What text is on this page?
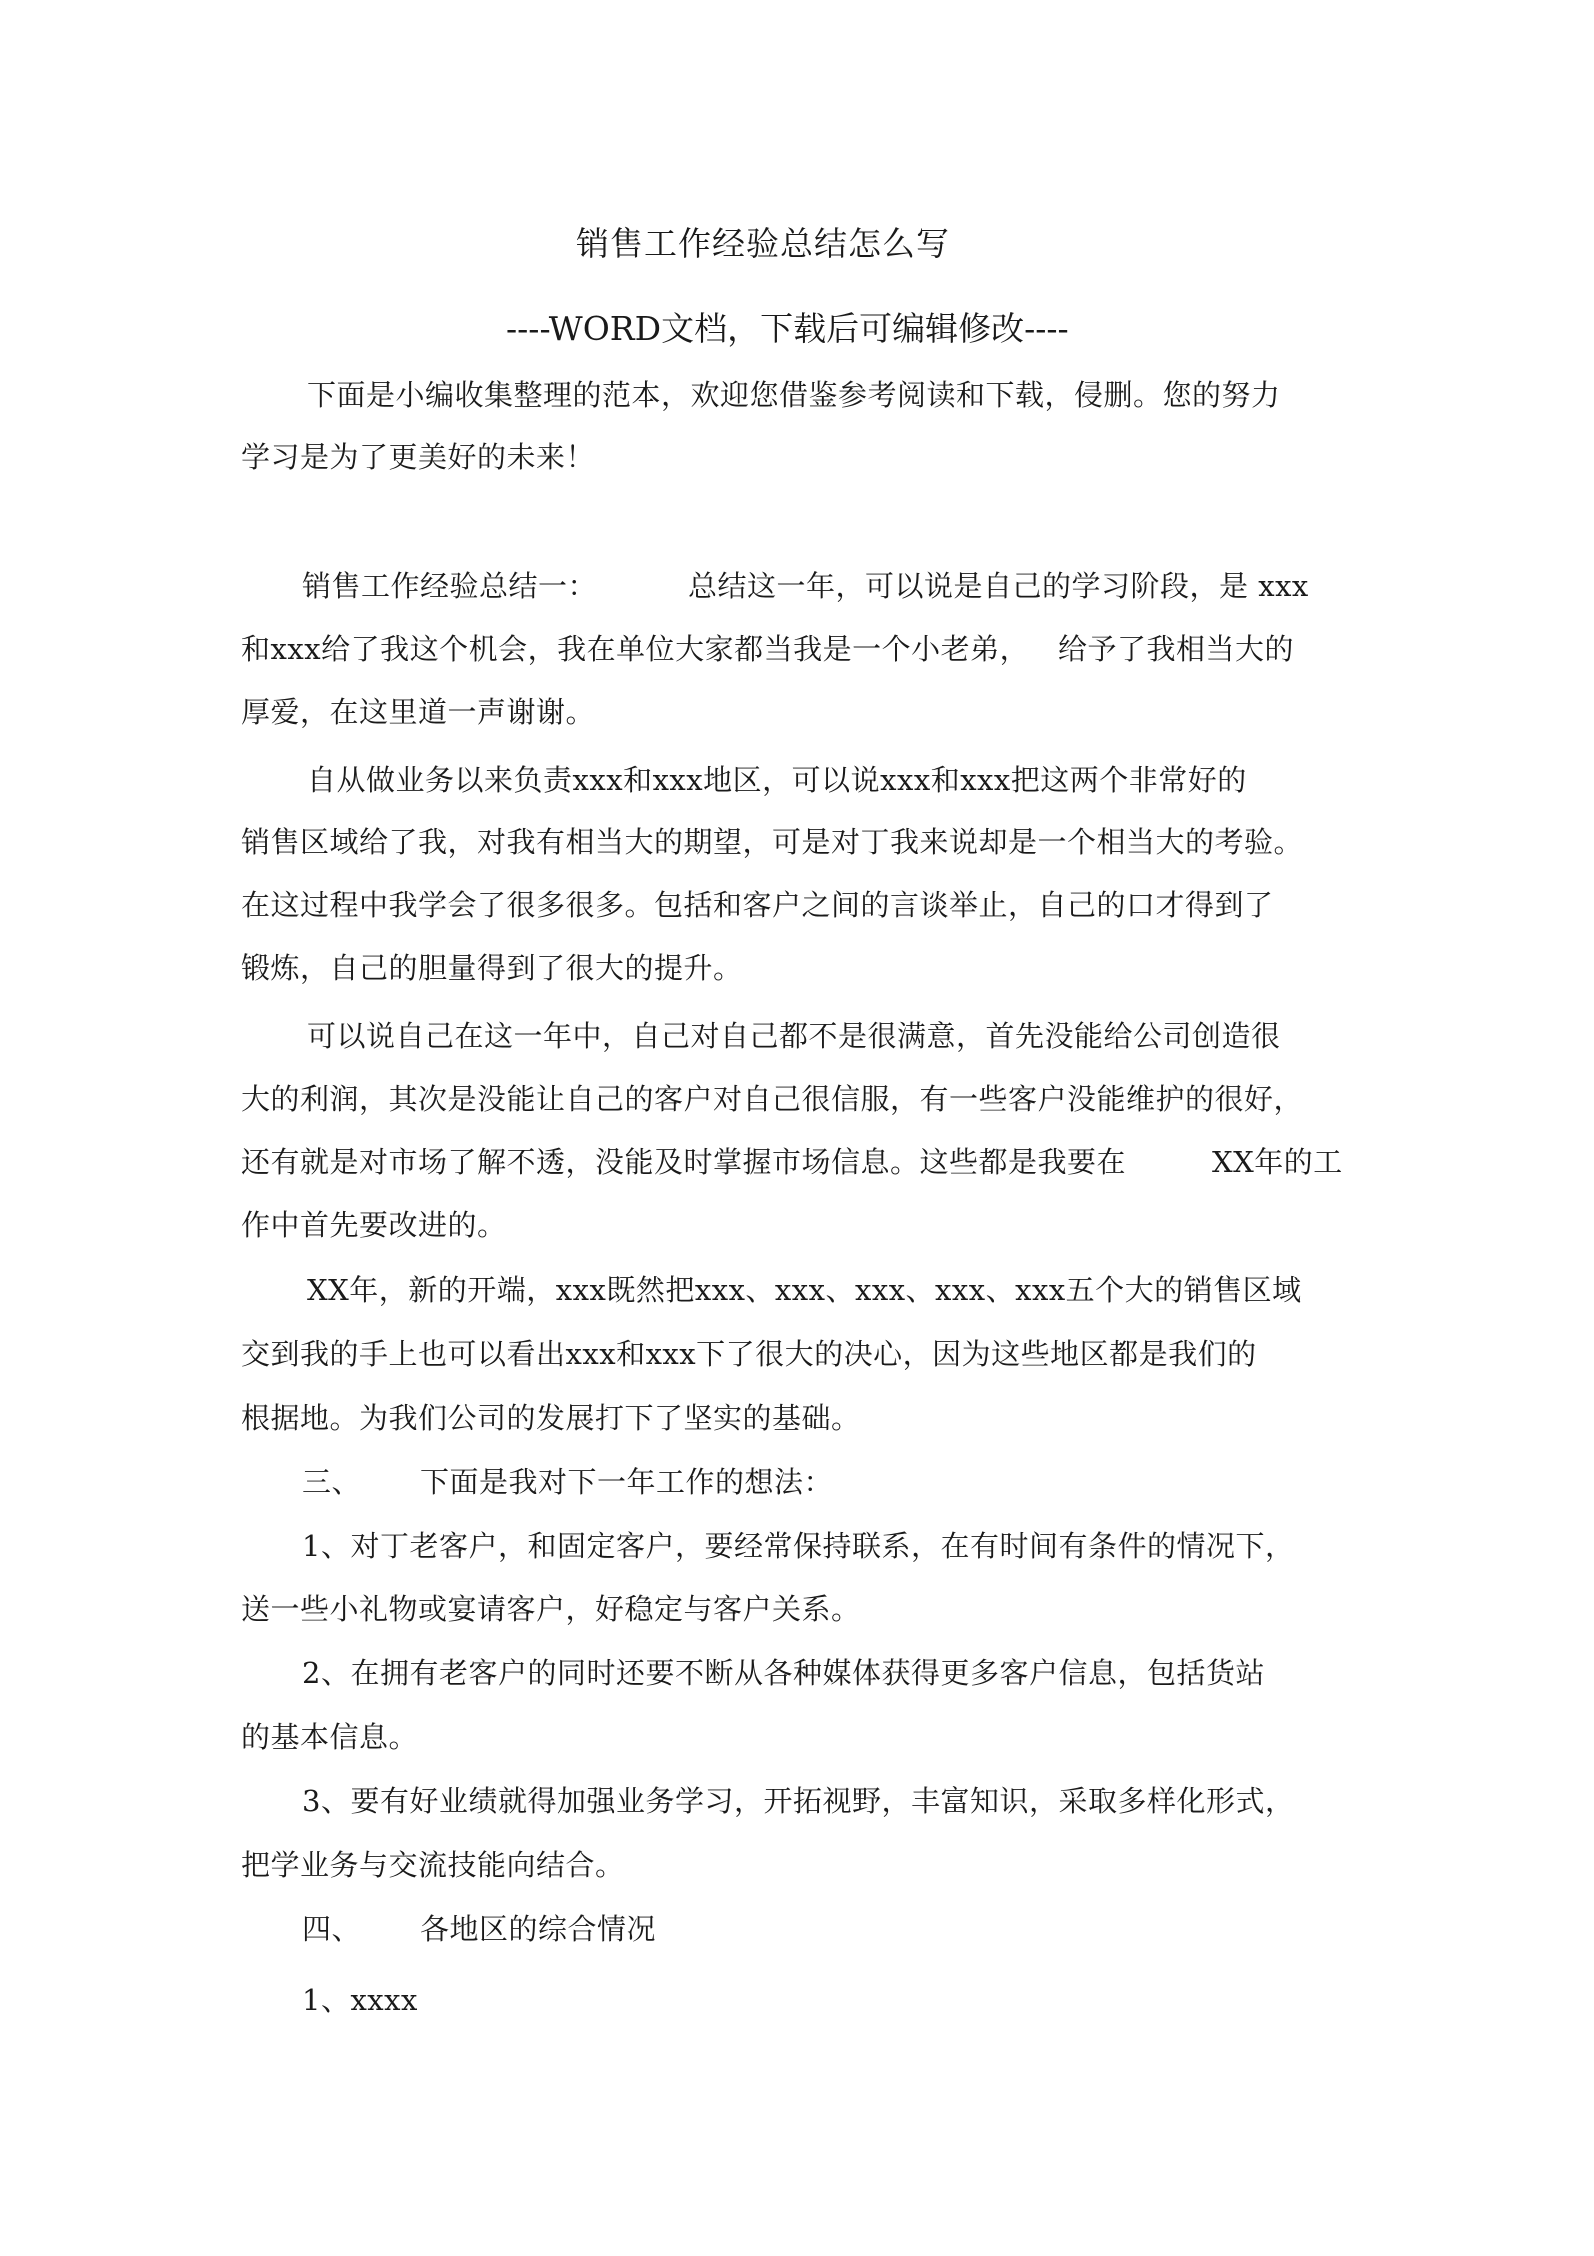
销售工作经验总结怎么写
----WORD文档，下载后可编辑修改----
下面是小编收集整理的范本，欢迎您借鉴参考阅读和下载，侵删。您的努力
学习是为了更美好的未来！
销售工作经验总结一：	总结这一年，可以说是自己的学习阶段，是 xxx
和xxx给了我这个机会，我在单位大家都当我是一个小老弟， 给予了我相当大的
厚爱，在这里道一声谢谢。
自从做业务以来负责xxx和xxx地区，可以说xxx和xxx把这两个非常好的
销售区域给了我，对我有相当大的期望，可是对丁我来说却是一个相当大的考验。
在这过程中我学会了很多很多。包括和客户之间的言谈举止，自己的口才得到了
锻炼，自己的胆量得到了很大的提升。
可以说自己在这一年中，自己对自己都不是很满意，首先没能给公司创造很
大的利润，其次是没能让自己的客户对自己很信服，有一些客户没能维护的很好，
还有就是对市场了解不透，没能及时掌握市场信息。这些都是我要在	XX年的工
作中首先要改进的。
XX年，新的开端，xxx既然把xxx、xxx、xxx、xxx、xxx五个大的销售区域
交到我的手上也可以看出xxx和xxx下了很大的决心，因为这些地区都是我们的
根据地。为我们公司的发展打下了坚实的基础。
三、 下面是我对下一年工作的想法：
1、对丁老客户，和固定客户，要经常保持联系，在有时间有条件的情况下，
送一些小礼物或宴请客户，好稳定与客户关系。
2、在拥有老客户的同时还要不断从各种媒体获得更多客户信息，包括货站
的基本信息。
3、要有好业绩就得加强业务学习，开拓视野，丰富知识，采取多样化形式，
把学业务与交流技能向结合。
四、 各地区的综合情况
1、xxxx
